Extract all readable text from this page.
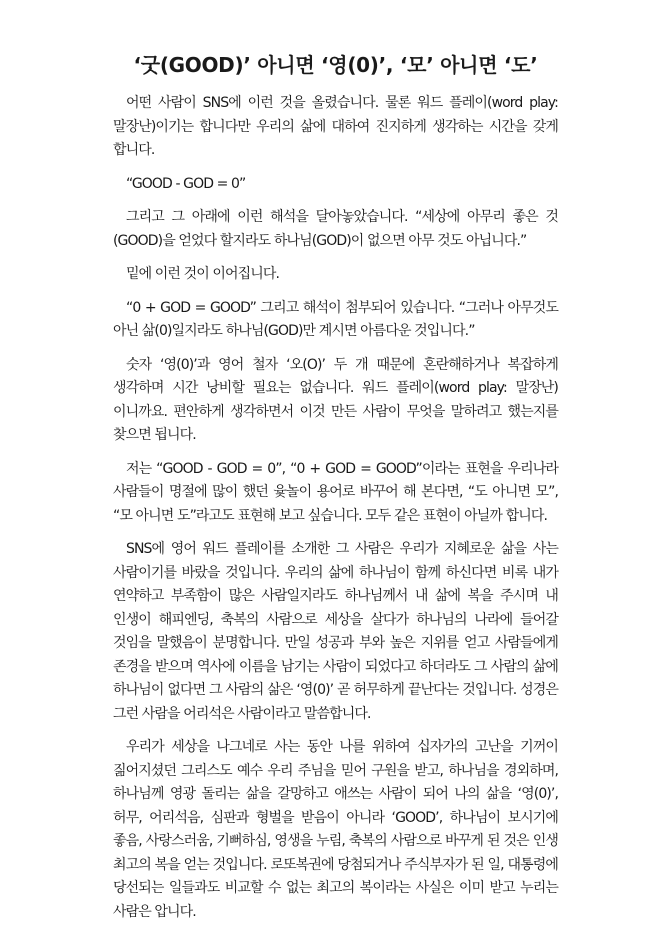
‘굿(GOOD)’ 아니면 ‘영(0)’, ‘모’ 아니면 ‘도’

어떤 사람이 SNS에 이런 것을 올렸습니다. 물론 워드 플레이(word play: 말장난)이기는 합니다만 우리의 삶에 대하여 진지하게 생각하는 시간을 갖게 합니다.

“GOOD - GOD = 0”

그리고 그 아래에 이런 해석을 달아놓았습니다. “세상에 아무리 좋은 것(GOOD)을 얻었다 할지라도 하나님(GOD)이 없으면 아무 것도 아닙니다.”

밑에 이런 것이 이어집니다.

“0 + GOD = GOOD” 그리고 해석이 첨부되어 있습니다. “그러나 아무것도 아닌 삶(0)일지라도 하나님(GOD)만 계시면 아름다운 것입니다.”

숫자 ‘영(0)’과 영어 철자 ‘오(O)’ 두 개 때문에 혼란해하거나 복잡하게 생각하며 시간 낭비할 필요는 없습니다. 워드 플레이(word play: 말장난)이니까요. 편안하게 생각하면서 이것 만든 사람이 무엇을 말하려고 했는지를 찾으면 됩니다.

저는 “GOOD - GOD = 0”, “0 + GOD = GOOD”이라는 표현을 우리나라 사람들이 명절에 많이 했던 윷놀이 용어로 바꾸어 해 본다면, “도 아니면 모”, “모 아니면 도”라고도 표현해 보고 싶습니다. 모두 같은 표현이 아닐까 합니다.

SNS에 영어 워드 플레이를 소개한 그 사람은 우리가 지혜로운 삶을 사는 사람이기를 바랐을 것입니다. 우리의 삶에 하나님이 함께 하신다면 비록 내가 연약하고 부족함이 많은 사람일지라도 하나님께서 내 삶에 복을 주시며 내 인생이 해피엔딩, 축복의 사람으로 세상을 살다가 하나님의 나라에 들어갈 것임을 말했음이 분명합니다. 만일 성공과 부와 높은 지위를 얻고 사람들에게 존경을 받으며 역사에 이름을 남기는 사람이 되었다고 하더라도 그 사람의 삶에 하나님이 없다면 그 사람의 삶은 ‘영(0)’ 곧 허무하게 끝난다는 것입니다. 성경은 그런 사람을 어리석은 사람이라고 말씀합니다.

우리가 세상을 나그네로 사는 동안 나를 위하여 십자가의 고난을 기꺼이 짊어지셨던 그리스도 예수 우리 주님을 믿어 구원을 받고, 하나님을 경외하며, 하나님께 영광 돌리는 삶을 갈망하고 애쓰는 사람이 되어 나의 삶을 ‘영(0)’, 허무, 어리석음, 심판과 형벌을 받음이 아니라 ‘GOOD’, 하나님이 보시기에 좋음, 사랑스러움, 기뻐하심, 영생을 누림, 축복의 사람으로 바꾸게 된 것은 인생 최고의 복을 얻는 것입니다. 로또복권에 당첨되거나 주식부자가 된 일, 대통령에 당선되는 일들과도 비교할 수 없는 최고의 복이라는 사실은 이미 받고 누리는 사람은 압니다.
